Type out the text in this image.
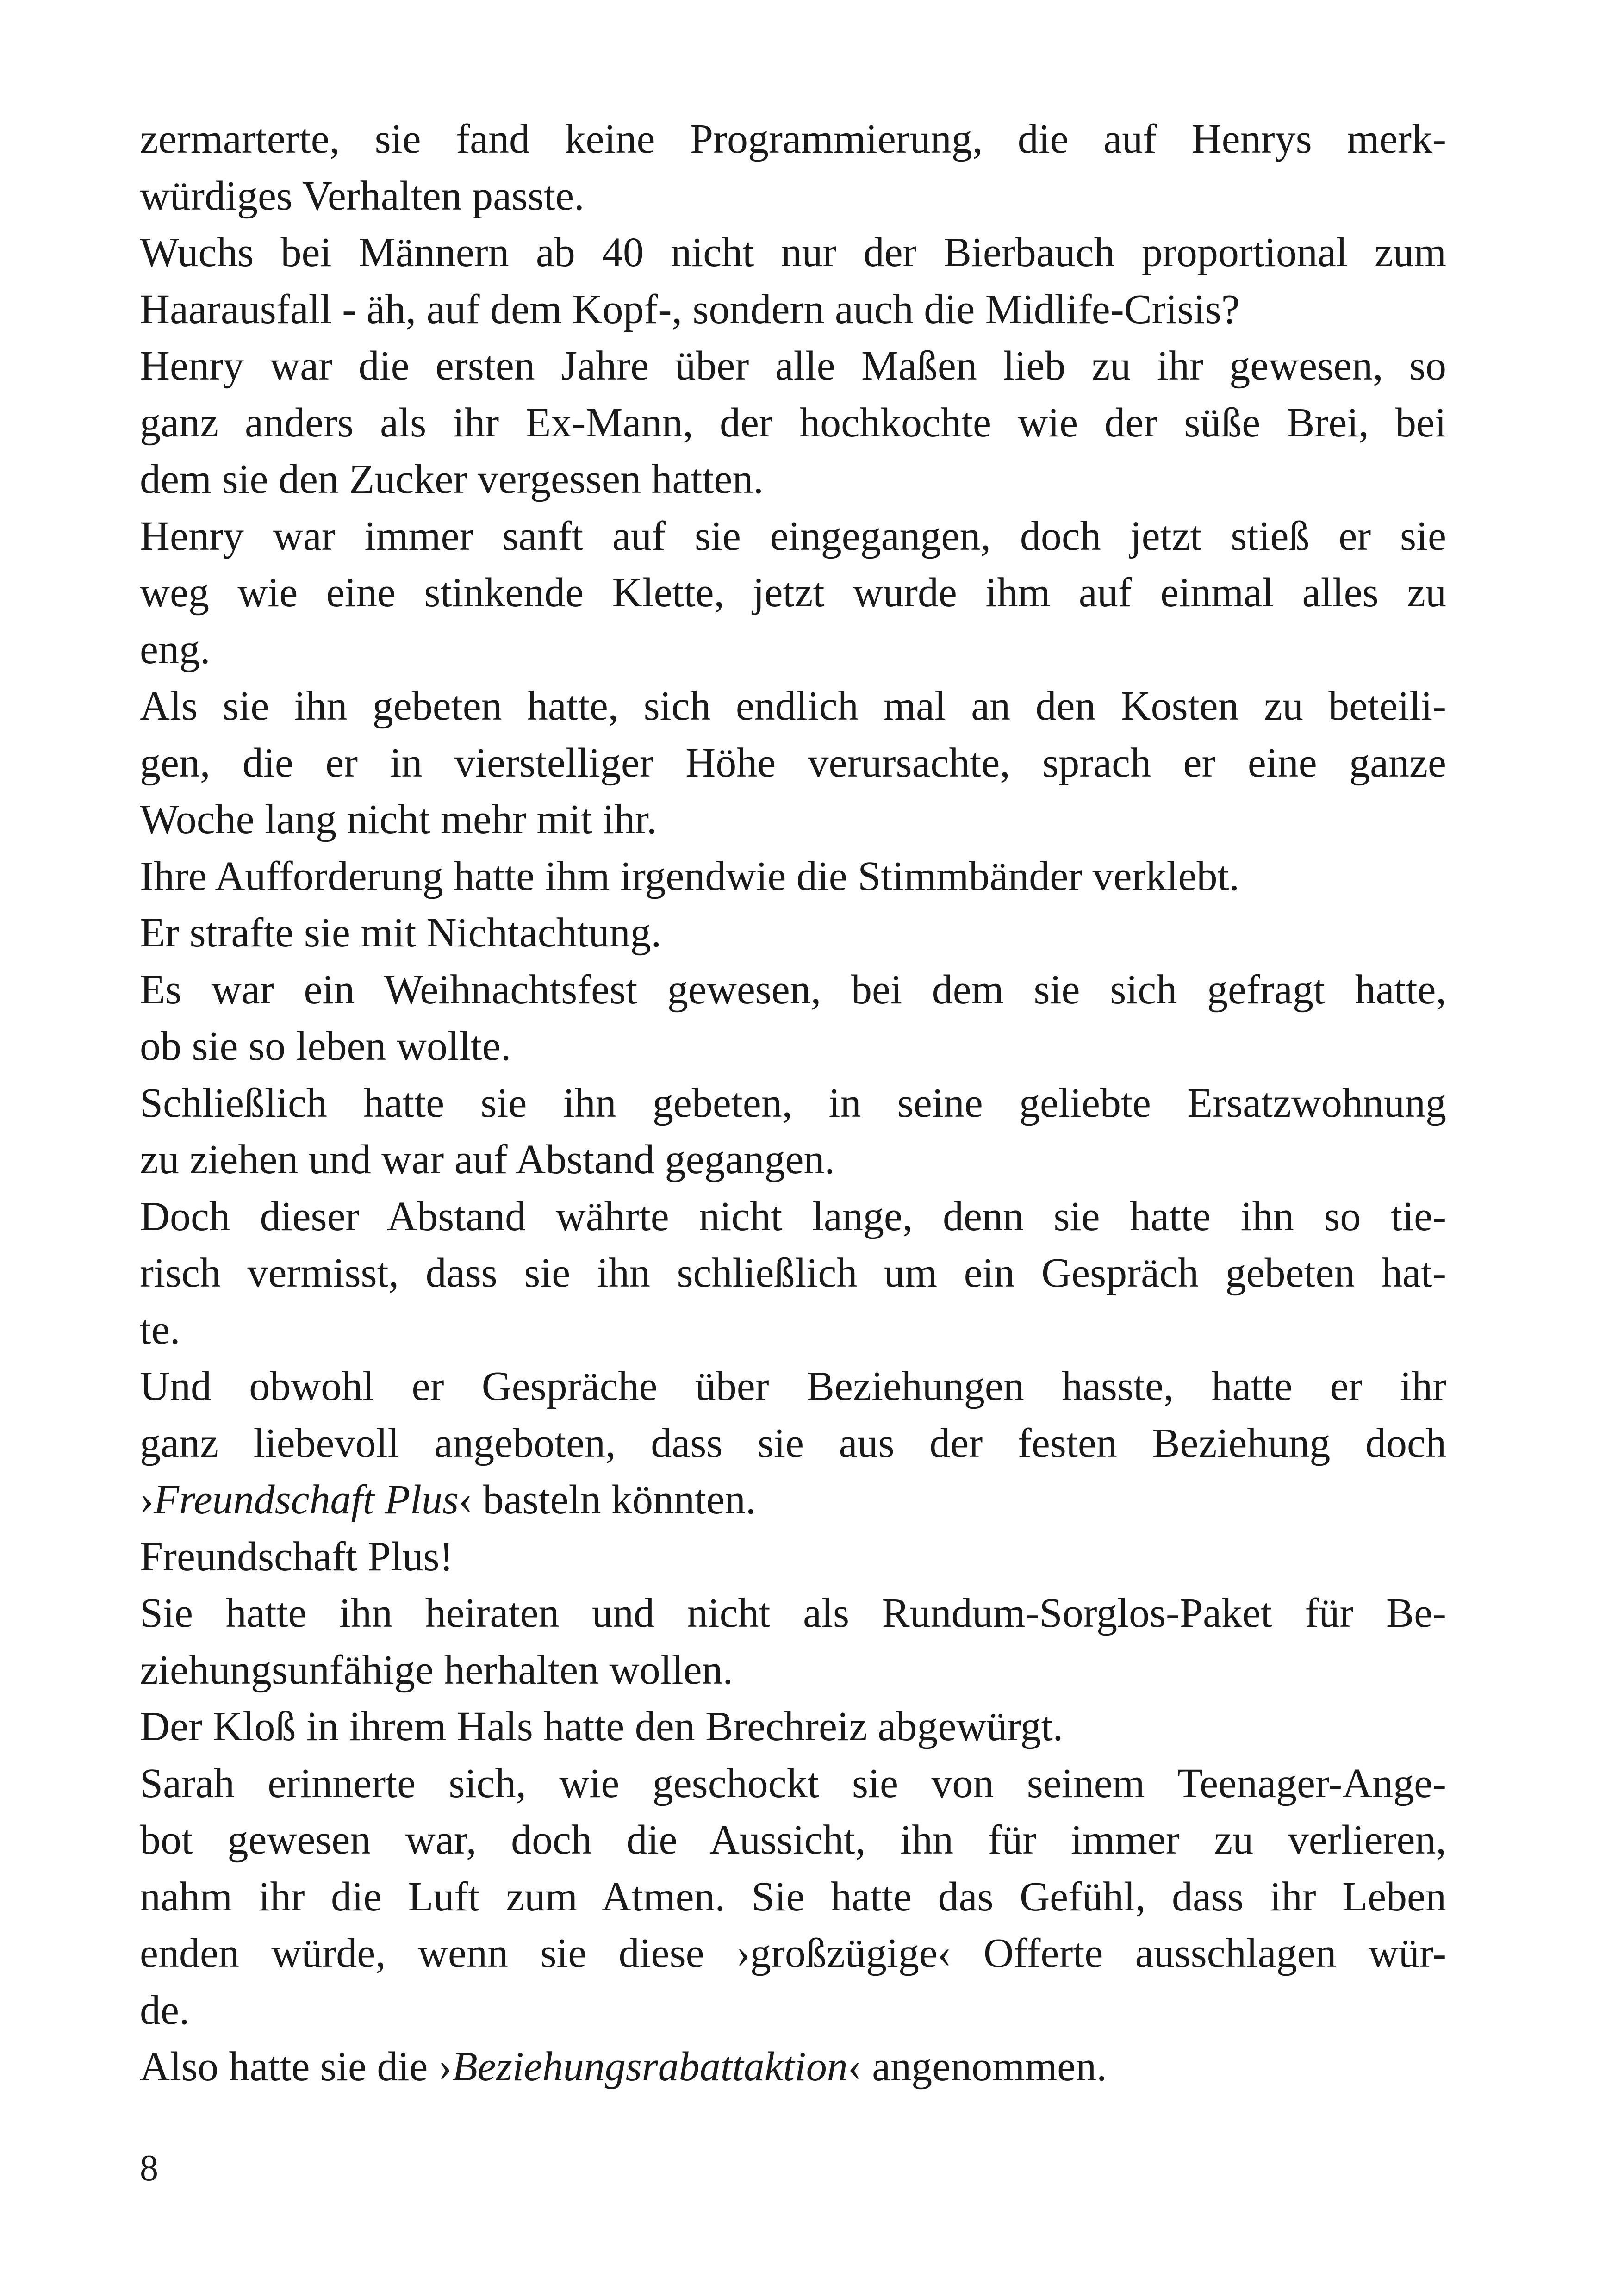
zermarterte, sie fand keine Programmierung, die auf Henrys merk-
würdiges Verhalten passte.
Wuchs bei Männern ab 40 nicht nur der Bierbauch proportional zum
Haarausfall - äh, auf dem Kopf-, sondern auch die Midlife-Crisis?
Henry war die ersten Jahre über alle Maßen lieb zu ihr gewesen, so
ganz anders als ihr Ex-Mann, der hochkochte wie der süße Brei, bei
dem sie den Zucker vergessen hatten.
Henry war immer sanft auf sie eingegangen, doch jetzt stieß er sie
weg wie eine stinkende Klette, jetzt wurde ihm auf einmal alles zu
eng.
Als sie ihn gebeten hatte, sich endlich mal an den Kosten zu beteili-
gen, die er in vierstelliger Höhe verursachte, sprach er eine ganze
Woche lang nicht mehr mit ihr.
Ihre Aufforderung hatte ihm irgendwie die Stimmbänder verklebt.
Er strafte sie mit Nichtachtung.
Es war ein Weihnachtsfest gewesen, bei dem sie sich gefragt hatte,
ob sie so leben wollte.
Schließlich hatte sie ihn gebeten, in seine geliebte Ersatzwohnung
zu ziehen und war auf Abstand gegangen.
Doch dieser Abstand währte nicht lange, denn sie hatte ihn so tie-
risch vermisst, dass sie ihn schließlich um ein Gespräch gebeten hat-
te.
Und obwohl er Gespräche über Beziehungen hasste, hatte er ihr
ganz liebevoll angeboten, dass sie aus der festen Beziehung doch
›Freundschaft Plus‹ basteln könnten.
Freundschaft Plus!
Sie hatte ihn heiraten und nicht als Rundum-Sorglos-Paket für Be-
ziehungsunfähige herhalten wollen.
Der Kloß in ihrem Hals hatte den Brechreiz abgewürgt.
Sarah erinnerte sich, wie geschockt sie von seinem Teenager-Ange-
bot gewesen war, doch die Aussicht, ihn für immer zu verlieren,
nahm ihr die Luft zum Atmen. Sie hatte das Gefühl, dass ihr Leben
enden würde, wenn sie diese ›großzügige‹ Offerte ausschlagen wür-
de.
Also hatte sie die ›Beziehungsrabattaktion‹ angenommen.
8
